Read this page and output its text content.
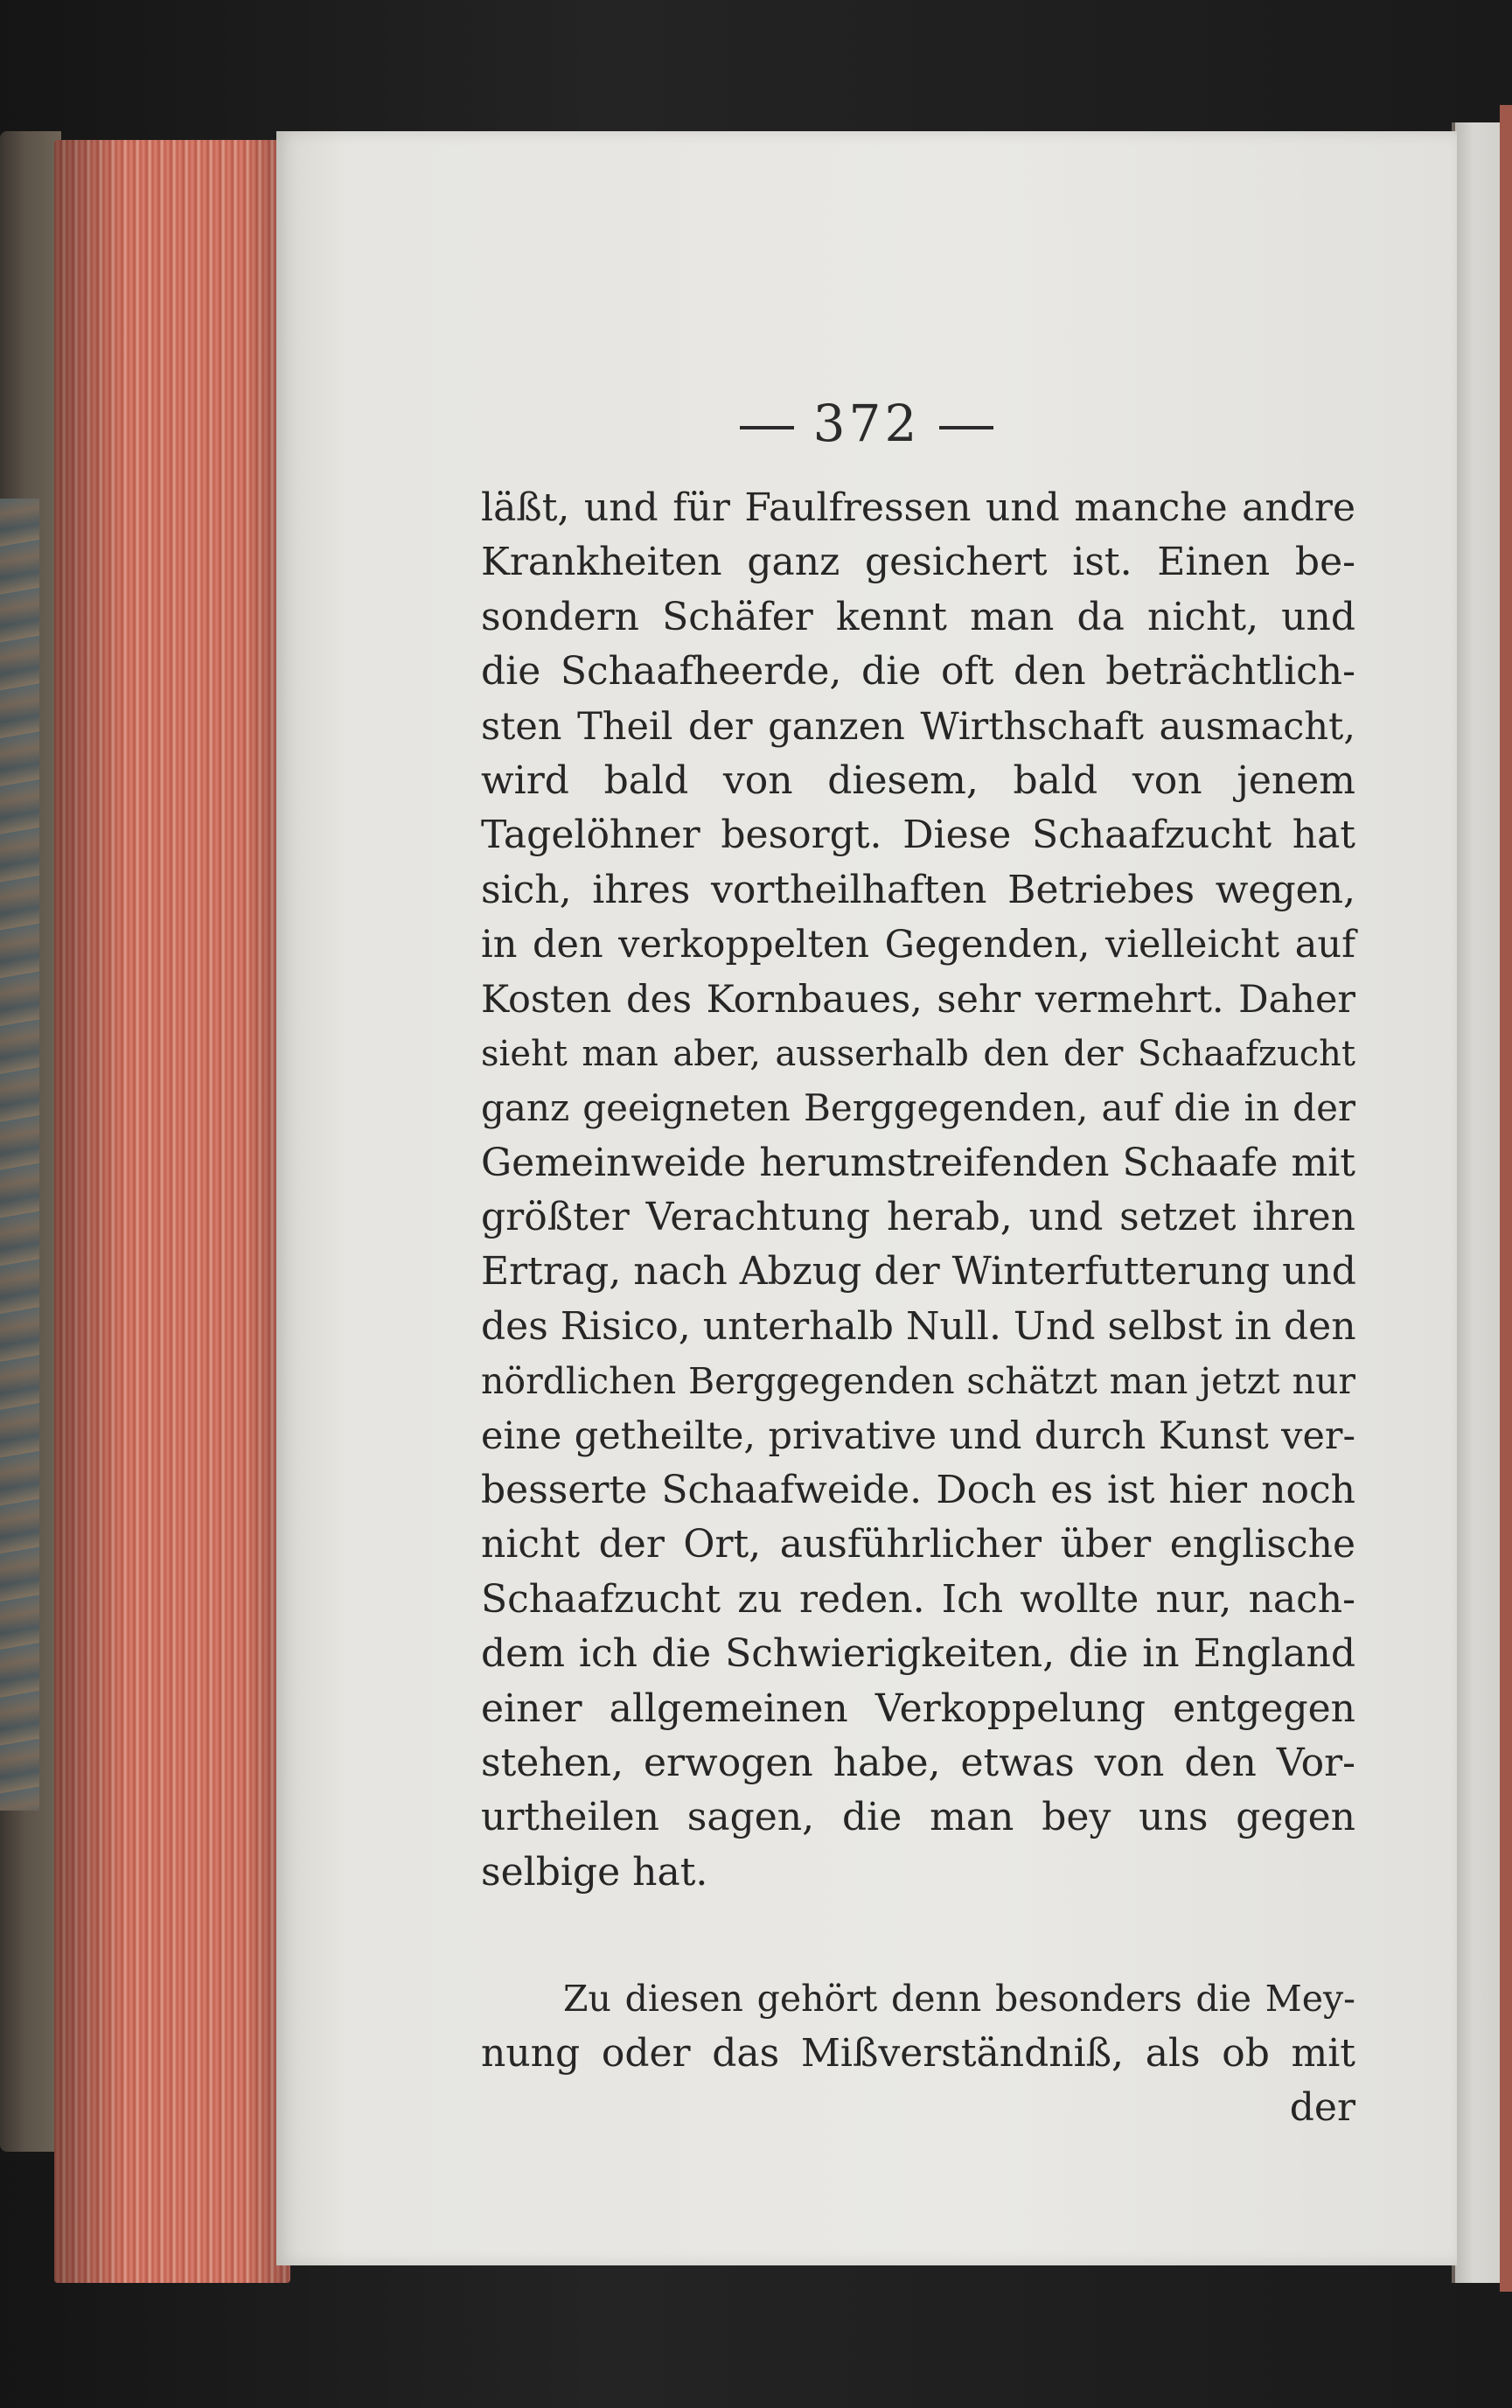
372
läßt, und für Faulfressen und manche andre
Krankheiten ganz gesichert ist. Einen be-
sondern Schäfer kennt man da nicht, und
die Schaafheerde, die oft den beträchtlich-
sten Theil der ganzen Wirthschaft ausmacht,
wird bald von diesem, bald von jenem
Tagelöhner besorgt. Diese Schaafzucht hat
sich, ihres vortheilhaften Betriebes wegen,
in den verkoppelten Gegenden, vielleicht auf
Kosten des Kornbaues, sehr vermehrt. Daher
sieht man aber, ausserhalb den der Schaafzucht
ganz geeigneten Berggegenden, auf die in der
Gemeinweide herumstreifenden Schaafe mit
größter Verachtung herab, und setzet ihren
Ertrag, nach Abzug der Winterfutterung und
des Risico, unterhalb Null. Und selbst in den
nördlichen Berggegenden schätzt man jetzt nur
eine getheilte, privative und durch Kunst ver-
besserte Schaafweide. Doch es ist hier noch
nicht der Ort, ausführlicher über englische
Schaafzucht zu reden. Ich wollte nur, nach-
dem ich die Schwierigkeiten, die in England
einer allgemeinen Verkoppelung entgegen
stehen, erwogen habe, etwas von den Vor-
urtheilen sagen, die man bey uns gegen
selbige hat.
Zu diesen gehört denn besonders die Mey-
nung oder das Mißverständniß, als ob mit
der
